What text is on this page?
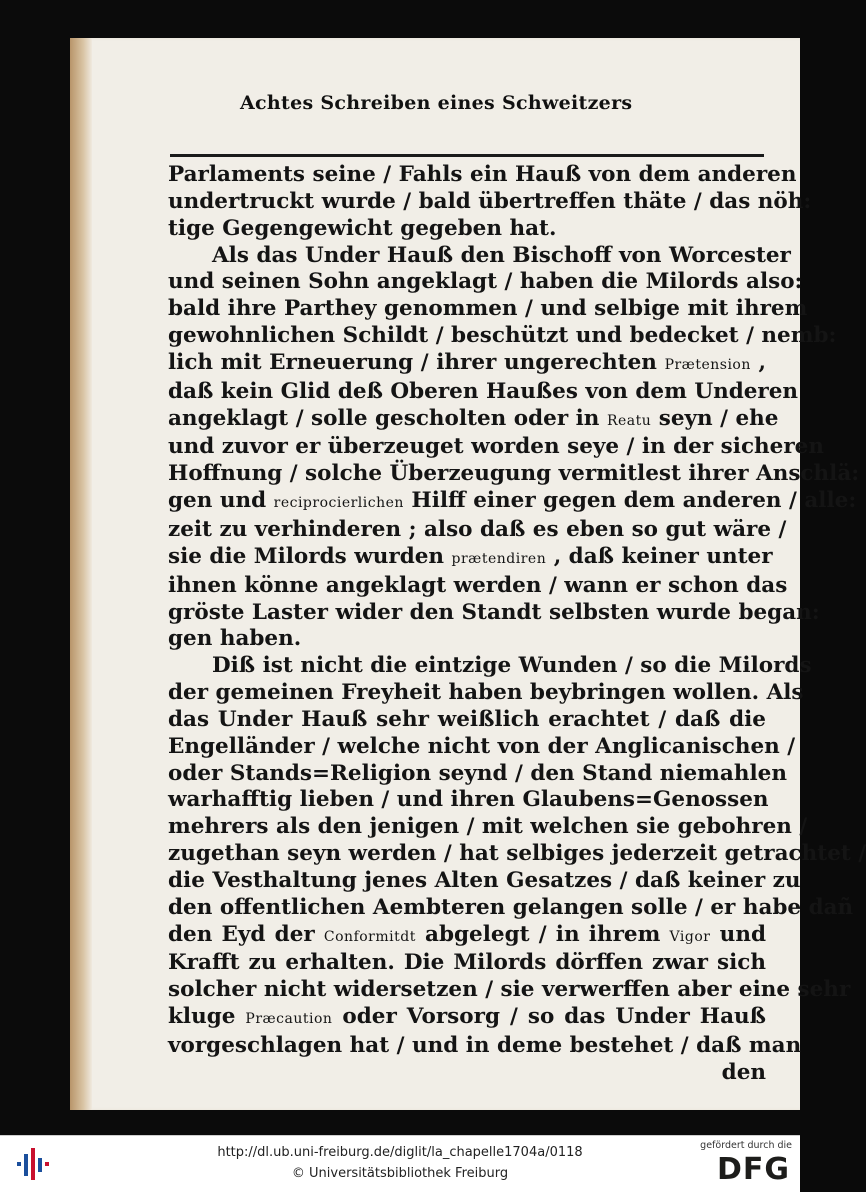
Achtes Schreiben eines Schweitzers
Parlaments seine / Fahls ein Hauß von dem anderen
undertruckt wurde / bald übertreffen thäte / das nöh:
tige Gegengewicht gegeben hat.
Als das Under Hauß den Bischoff von Worcester
und seinen Sohn angeklagt / haben die Milords also:
bald ihre Parthey genommen / und selbige mit ihrem
gewohnlichen Schildt / beschützt und bedecket / nemb:
lich mit Erneuerung / ihrer ungerechten Prætension ,
daß kein Glid deß Oberen Haußes von dem Underen
angeklagt / solle gescholten oder in Reatu seyn / ehe
und zuvor er überzeuget worden seye / in der sicheren
Hoffnung / solche Überzeugung vermitlest ihrer Anschlä:
gen und reciprocierlichen Hilff einer gegen dem anderen / alle:
zeit zu verhinderen ; also daß es eben so gut wäre /
sie die Milords wurden prætendiren , daß keiner unter
ihnen könne angeklagt werden / wann er schon das
gröste Laster wider den Standt selbsten wurde began:
gen haben.
Diß ist nicht die eintzige Wunden / so die Milords
der gemeinen Freyheit haben beybringen wollen. Als
das Under Hauß sehr weißlich erachtet / daß die
Engelländer / welche nicht von der Anglicanischen /
oder Stands=Religion seynd / den Stand niemahlen
warhafftig lieben / und ihren Glaubens=Genossen
mehrers als den jenigen / mit welchen sie gebohren /
zugethan seyn werden / hat selbiges jederzeit getrachtet /
die Vesthaltung jenes Alten Gesatzes / daß keiner zu
den offentlichen Aembteren gelangen solle / er habe dañ
den Eyd der Conformitdt abgelegt / in ihrem Vigor und
Krafft zu erhalten. Die Milords dörffen zwar sich
solcher nicht widersetzen / sie verwerffen aber eine sehr
kluge Præcaution oder Vorsorg / so das Under Hauß
vorgeschlagen hat / und in deme bestehet / daß man
den
http://dl.ub.uni-freiburg.de/diglit/la_chapelle1704a/0118
© Universitätsbibliothek Freiburg
gefördert durch die
DFG
